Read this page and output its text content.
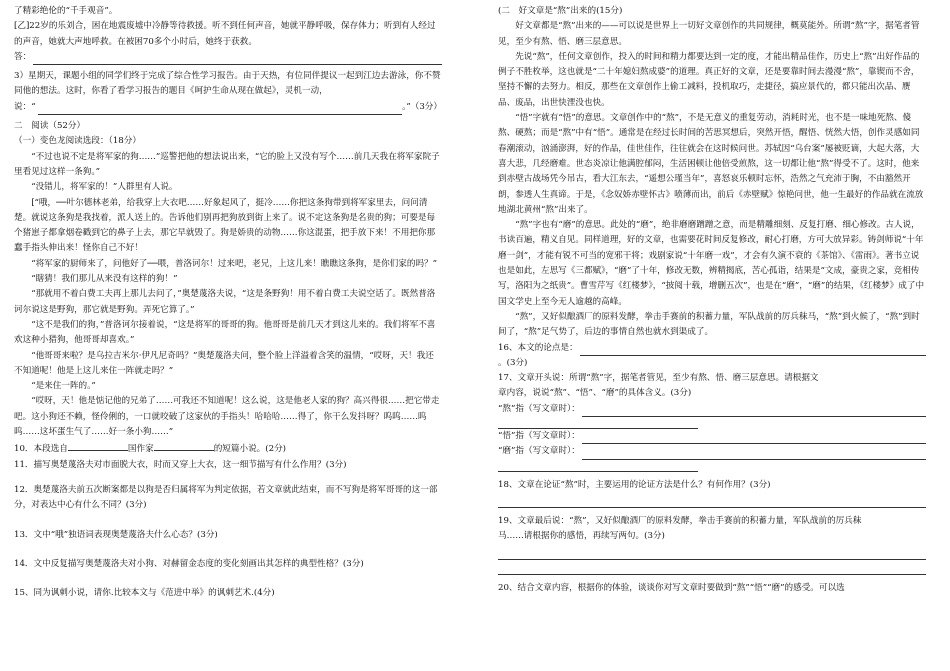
了精彩绝伦的“千手观音”。

[乙]22岁的乐刘合，困在地震废墟中冷静等待救援。听不到任何声音，她就平静呼吸，保存体力；听到有人经过的声音，她就大声地呼救。在被困70多个小时后，她终于获救。

答：

3）星期天，课题小组的同学们终于完成了综合性学习报告。由于天热，有位同伴提议一起到江边去游泳，你不赞同他的想法。这时，你看了看学习报告的题目《呵护生命从现在做起》，灵机一动，

说：“	。”（3分）

二　阅读（52分）

（一）变色龙阅读选段：（18分）

“不过也说不定是将军家的狗……”巡警把他的想法说出来，“它的脸上又没有写个……前几天我在将军家院子里看见过这样一条狗。”

“没错儿，将军家的！”人群里有人说。

[“哦，──叶尔德林老弟，给我穿上大衣吧……好象起风了，挺冷……你把这条狗带到将军家里去，问问清楚。就说这条狗是我找着，派人送上的。告诉他们别再把狗放到街上来了。说不定这条狗是名贵的狗；可要是每个猪崽子都拿烟卷戳到它的鼻子上去，那它早就毁了。狗是娇贵的动物……你这混蛋，把手放下来！不用把你那蠢手指头伸出来！怪你自己不好！

“将军家的厨师来了，问他好了──喂，普洛诃尔！过来吧，老兄，上这儿来！瞧瞧这条狗，是你们家的吗？”

“瞎猜！我们那儿从来没有这样的狗！”

“那就用不着白费工夫再上那儿去问了，”奥楚蔑洛夫说，“这是条野狗！用不着白费工夫说空话了。既然普洛诃尔说这是野狗，那它就是野狗。弄死它算了。”

“这不是我们的狗，”普洛诃尔接着说，“这是将军的哥哥的狗。他哥哥是前几天才到这儿来的。我们将军不喜欢这种小猎狗，他哥哥却喜欢。”

“他哥哥来啦？是乌拉吉米尔·伊凡尼奇吗？”奥楚蔑洛夫问，整个脸上洋溢着含笑的温情，“哎呀，天！我还不知道呢！他是上这儿来住一阵就走吗？”

“是来住一阵的。”

“哎呀，天！他是惦记他的兄弟了……可我还不知道呢！这么说，这是他老人家的狗？高兴得很……把它带走吧。这小狗还不赖，怪伶俐的，一口就咬破了这家伙的手指头！哈哈哈……得了，你干么发抖呀？呜呜……呜呜……这坏蛋生气了……好一条小狗……”

10．本段选自	国作家	的短篇小说。(2分)

11．描写奥楚蔑洛夫对市面脱大衣，时而又穿上大衣，这一细节描写有什么作用？(3分)

12．奥楚蔑洛夫前五次断案都是以狗是否归属将军为判定依据，若文章就此结束，而不写狗是将军哥哥的这一部分，对表达中心有什么不同？(3分)

13．文中“哦”独语词表现奥楚蔑洛夫什么心态？(3分)

14．文中反复描写奥楚蔑洛夫对小狗、对赫留金态度的变化刻画出其怎样的典型性格？(3分)

15、同为讽刺小说，请你.比较本文与《范进中举》的讽刺艺术.(4分)

(二　好文章是“熬”出来的(15分)

好文章都是“熬”出来的——可以说是世界上一切好文章创作的共同规律，概莫能外。所谓“熬”字，据笔者管见，至少有熬、悟、磨三层意思。

先说“熬”，任何文章创作，投入的时间和精力都要达到一定的度，才能出精品佳作，历史上“熬”出好作品的例子不胜枚举，这也就是“二十年媳妇熬成婆”的道理。真正好的文章，还是要靠时间去漫漫“熬”，靠锲而不舍，坚持不懈的去努力。相反，那些在文章创作上偷工减料，投机取巧，走捷径，搞应景代的，都只能出次品、赝品、废品，出世快湮没也快。

“悟”字就有“悟”的意思。文章创作中的“熬”，不是无意义的重复劳动，消耗时光，也不是一味地死熬、傻熬、硬熬；而是“熬”中有“悟”。通常是在经过长时间的苦思冥想后，突然开悟，醒悟、恍然大悟，创作灵感如同春潮滚动，汹涌澎湃，好的作品，佳世佳作，往往就会在这时候问世。苏轼因“乌台案”屡被贬谪，大起大落，大喜大悲，几经磨难。世态炎凉让他满腔郁闷，生活困顿让他倍受煎熬，这一切都让他“熬”得受不了。这时，他来到赤壁古战场凭今吊古，看大江东去，“遥想公瑾当年”，喜怒哀乐顿时忘怀，浩然之气充沛于胸，不由豁然开朗，参透人生真谛。于是，《念奴娇赤壁怀古》喷薄而出，前后《赤壁赋》惊艳问世，他一生最好的作品就在流放地湖北黄州“熬”出来了。

“熬”字也有“磨”的意思。此处的“磨”，绝非磨磨蹭蹭之意，而是精雕细刻、反复打磨、细心修改。古人说，书读百遍，精义自见。同样道理，好的文章，也需要花时间反复修改，耐心打磨，方可大放异彩。铸剑师说“十年磨一剑”，才能有锐不可当的宽邪干将；戏剧家说“十年磨一戏”，才会有久演不衰的《茶馆》、《雷雨》。著书立说也是如此，左思写《三都赋》，“磨”了十年，修改无数，辨精揭底，苦心孤诣，结果是“文成，豪贵之家，竞相传写，洛阳为之纸贵”。曹雪芹写《红楼梦》，“披阅十载，增删五次”，也是在“磨”，“磨”的结果，《红楼梦》成了中国文学史上至今无人逾越的高峰。

“熬”，又好似酿酒厂的原料发酵，拳击手赛前的积蓄力量，军队战前的厉兵秣马，“熬”到火候了，“熬”到时间了，“熬”足气势了，后边的事情自然也就水到渠成了。

16、本文的论点是：

。(3分)

17、文章开头说：所谓“熬”字，据笔者管见，至少有熬、悟、磨三层意思。请根据文

章内容，说说“熬”、“悟”、“磨”的具体含义。(3分)

“熬”指（写文章时）：
“悟”指（写文章时）：
“磨”指（写文章时）：

18、文章在论证“熬”时，主要运用的论证方法是什么？有何作用？(3分)

19、文章最后说：“熬”，又好似酿酒厂的原料发酵，拳击手赛前的积蓄力量，军队战前的厉兵秣

马……请根据你的感悟，再续写两句。(3分)

20、结合文章内容，根据你的体验，谈谈你对写文章时要做到“熬”“悟”“磨”的感受。可以选
